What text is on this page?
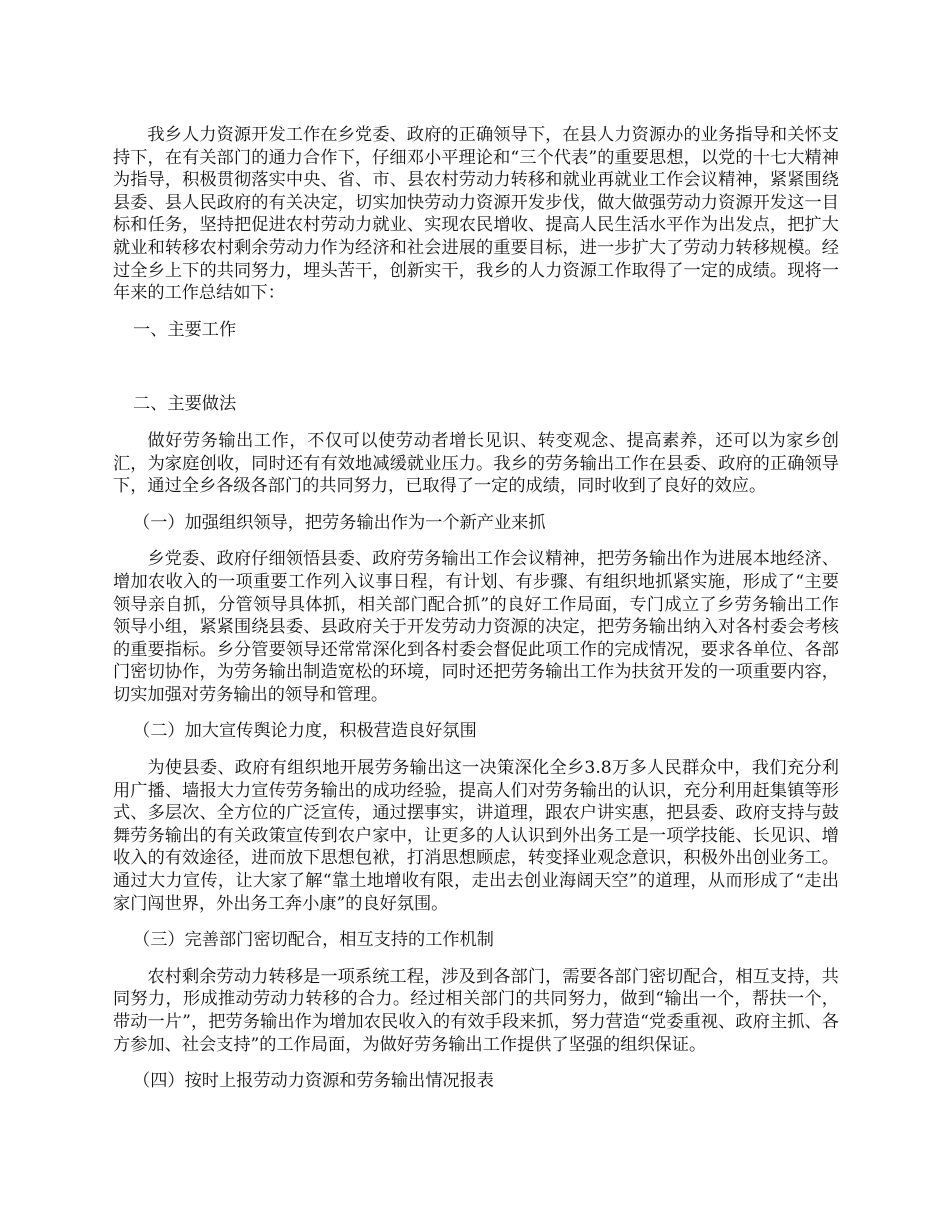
我乡人力资源开发工作在乡党委、政府的正确领导下，在县人力资源办的业务指导和关怀支持下，在有关部门的通力合作下，仔细邓小平理论和“三个代表”的重要思想，以党的十七大精神为指导，积极贯彻落实中央、省、市、县农村劳动力转移和就业再就业工作会议精神，紧紧围绕县委、县人民政府的有关决定，切实加快劳动力资源开发步伐，做大做强劳动力资源开发这一目标和任务，坚持把促进农村劳动力就业、实现农民增收、提高人民生活水平作为出发点，把扩大就业和转移农村剩余劳动力作为经济和社会进展的重要目标，进一步扩大了劳动力转移规模。经过全乡上下的共同努力，埋头苦干，创新实干，我乡的人力资源工作取得了一定的成绩。现将一年来的工作总结如下：

一、主要工作

二、主要做法

做好劳务输出工作，不仅可以使劳动者增长见识、转变观念、提高素养，还可以为家乡创汇，为家庭创收，同时还有有效地减缓就业压力。我乡的劳务输出工作在县委、政府的正确领导下，通过全乡各级各部门的共同努力，已取得了一定的成绩，同时收到了良好的效应。

（一）加强组织领导，把劳务输出作为一个新产业来抓

乡党委、政府仔细领悟县委、政府劳务输出工作会议精神，把劳务输出作为进展本地经济、增加农收入的一项重要工作列入议事日程，有计划、有步骤、有组织地抓紧实施，形成了“主要领导亲自抓，分管领导具体抓，相关部门配合抓”的良好工作局面，专门成立了乡劳务输出工作领导小组，紧紧围绕县委、县政府关于开发劳动力资源的决定，把劳务输出纳入对各村委会考核的重要指标。乡分管要领导还常常深化到各村委会督促此项工作的完成情况，要求各单位、各部门密切协作，为劳务输出制造宽松的环境，同时还把劳务输出工作为扶贫开发的一项重要内容，切实加强对劳务输出的领导和管理。

（二）加大宣传舆论力度，积极营造良好氛围

为使县委、政府有组织地开展劳务输出这一决策深化全乡3.8万多人民群众中，我们充分利用广播、墙报大力宣传劳务输出的成功经验，提高人们对劳务输出的认识，充分利用赶集镇等形式、多层次、全方位的广泛宣传，通过摆事实，讲道理，跟农户讲实惠，把县委、政府支持与鼓舞劳务输出的有关政策宣传到农户家中，让更多的人认识到外出务工是一项学技能、长见识、增收入的有效途径，进而放下思想包袱，打消思想顾虑，转变择业观念意识，积极外出创业务工。通过大力宣传，让大家了解“靠土地增收有限，走出去创业海阔天空”的道理，从而形成了“走出家门闯世界，外出务工奔小康”的良好氛围。

（三）完善部门密切配合，相互支持的工作机制

农村剩余劳动力转移是一项系统工程，涉及到各部门，需要各部门密切配合，相互支持，共同努力，形成推动劳动力转移的合力。经过相关部门的共同努力，做到“输出一个，帮扶一个，带动一片”，把劳务输出作为增加农民收入的有效手段来抓，努力营造“党委重视、政府主抓、各方参加、社会支持”的工作局面，为做好劳务输出工作提供了坚强的组织保证。

（四）按时上报劳动力资源和劳务输出情况报表
